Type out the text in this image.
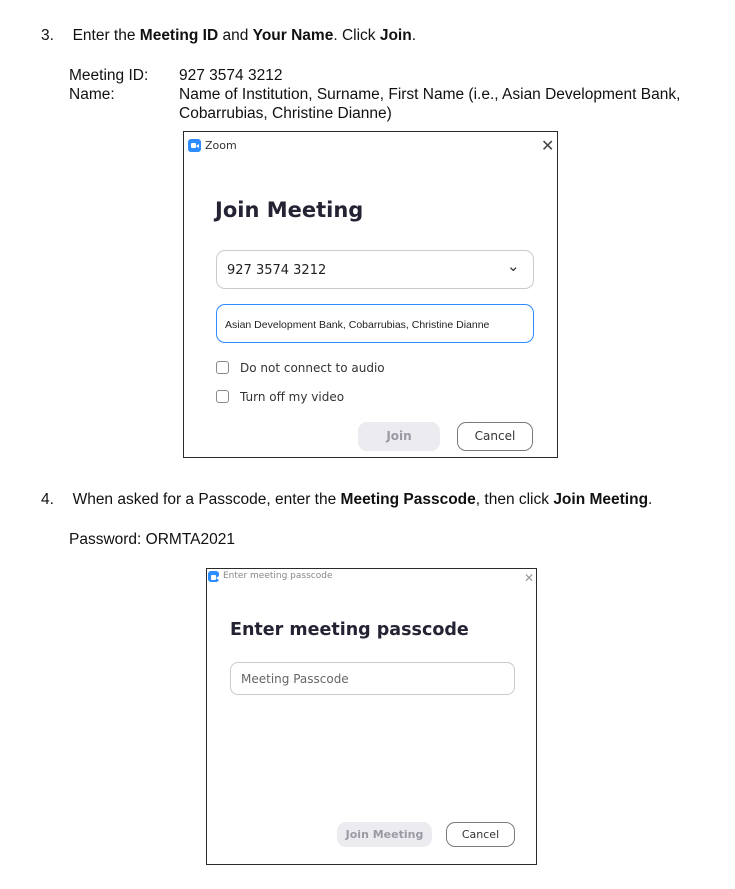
3. Enter the Meeting ID and Your Name. Click Join.
Meeting ID: 927 3574 3212
Name:	Name of Institution, Surname, First Name (i.e., Asian Development Bank,
Cobarrubias, Christine Dianne)
Zoom	✕
Join Meeting
927 3574 3212	⌄
Asian Development Bank, Cobarrubias, Christine Dianne
Do not connect to audio
Turn off my video
Join	Cancel
4. When asked for a Passcode, enter the Meeting Passcode, then click Join Meeting.
Password: ORMTA2021
Enter meeting passcode	✕
Enter meeting passcode
Meeting Passcode
Join Meeting	Cancel
